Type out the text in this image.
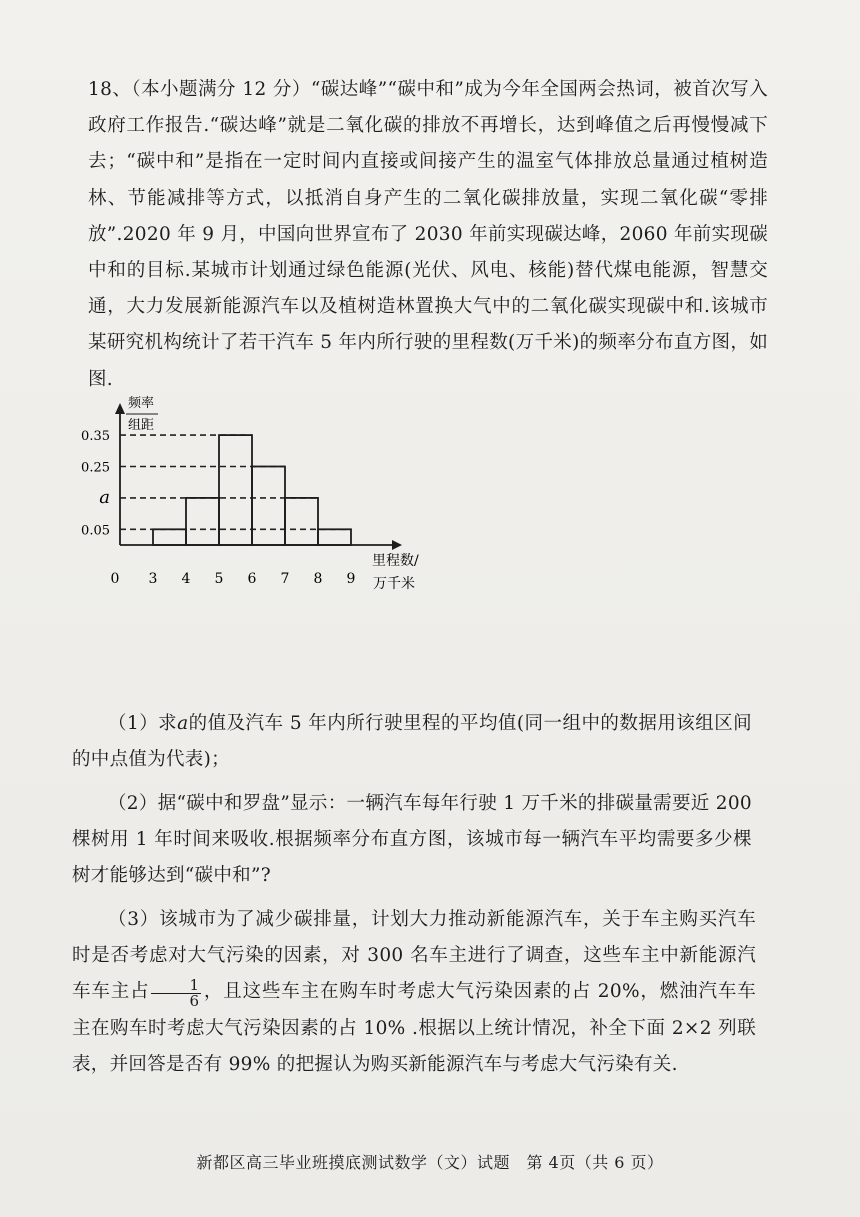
18、（本小题满分 12 分）“碳达峰”“碳中和”成为今年全国两会热词，被首次写入政府工作报告.“碳达峰”就是二氧化碳的排放不再增长，达到峰值之后再慢慢减下去；“碳中和”是指在一定时间内直接或间接产生的温室气体排放总量通过植树造林、节能减排等方式，以抵消自身产生的二氧化碳排放量，实现二氧化碳“零排放”.2020 年 9 月，中国向世界宣布了 2030 年前实现碳达峰，2060 年前实现碳中和的目标.某城市计划通过绿色能源(光伏、风电、核能)替代煤电能源，智慧交通，大力发展新能源汽车以及植树造林置换大气中的二氧化碳实现碳中和.该城市某研究机构统计了若干汽车 5 年内所行驶的里程数(万千米)的频率分布直方图，如图.

0 3 4 5 6 7 8 9
0.05
a
0.25
0.35
频率
组距
里程数/
万千米

（1）求a的值及汽车 5 年内所行驶里程的平均值(同一组中的数据用该组区间的中点值为代表)；

（2）据“碳中和罗盘”显示：一辆汽车每年行驶 1 万千米的排碳量需要近 200 棵树用 1 年时间来吸收.根据频率分布直方图，该城市每一辆汽车平均需要多少棵树才能够达到“碳中和”?

（3）该城市为了减少碳排量，计划大力推动新能源汽车，关于车主购买汽车时是否考虑对大气污染的因素，对 300 名车主进行了调查，这些车主中新能源汽车车主占 $\frac{1}{6}$ ，且这些车主在购车时考虑大气污染因素的占 20%，燃油汽车车主在购车时考虑大气污染因素的占 10% .根据以上统计情况，补全下面 2×2 列联表，并回答是否有 99% 的把握认为购买新能源汽车与考虑大气污染有关.

新都区高三毕业班摸底测试数学（文）试题　第 4页（共 6 页）
